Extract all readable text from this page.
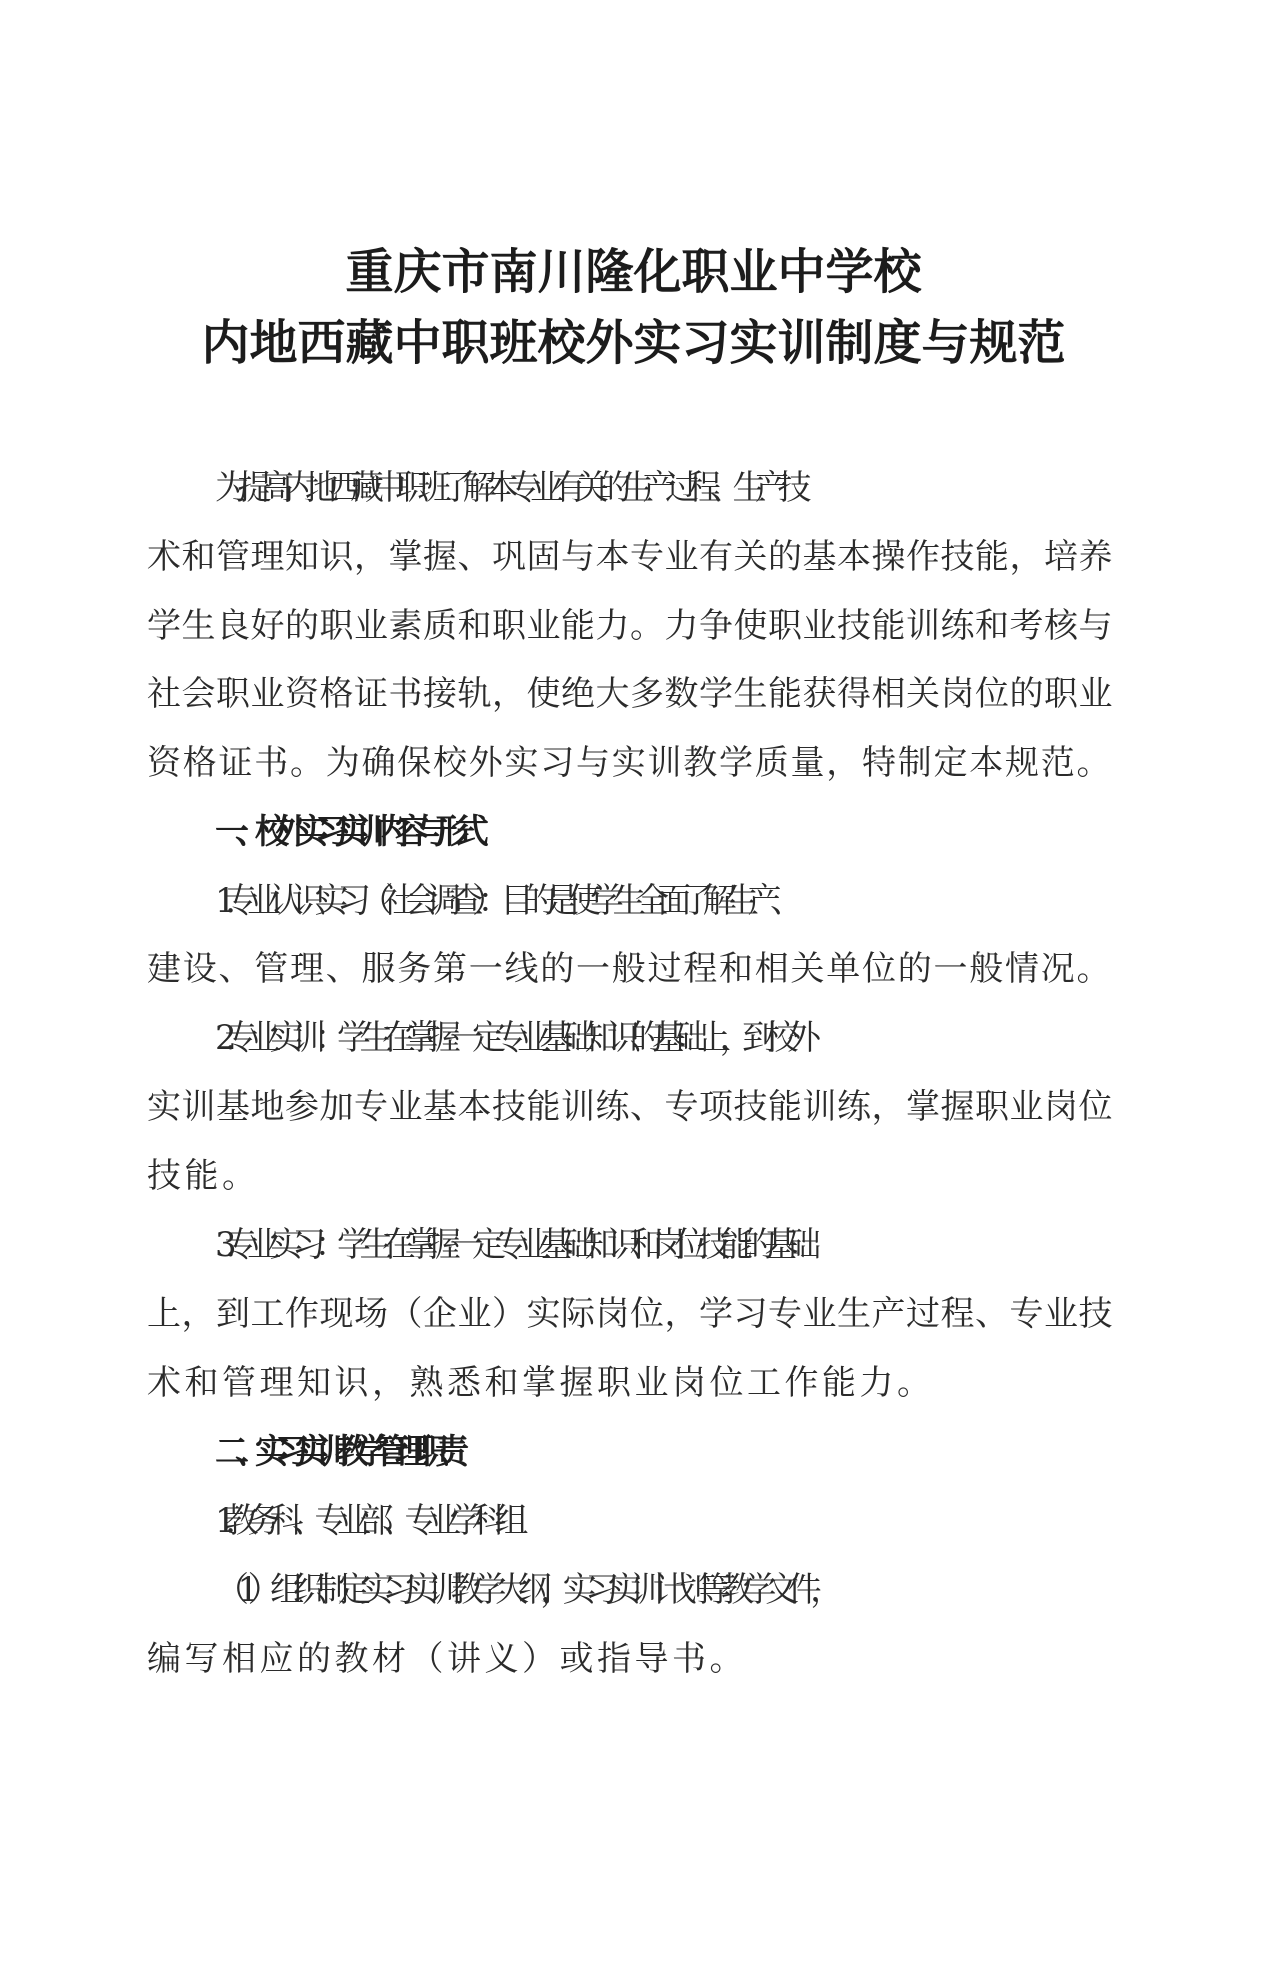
重庆市南川隆化职业中学校
内地西藏中职班校外实习实训制度与规范
为提高内地西藏中职班了解本专业有关的生产过程、生产技
术和管理知识，掌握、巩固与本专业有关的基本操作技能，培养
学生良好的职业素质和职业能力。力争使职业技能训练和考核与
社会职业资格证书接轨，使绝大多数学生能获得相关岗位的职业
资格证书。为确保校外实习与实训教学质量，特制定本规范。
一、校外实习实训内容与形式
1.专业认识实习（社会调查）：目的是使学生全面了解生产、
建设、管理、服务第一线的一般过程和相关单位的一般情况。
2.专业实训：学生在掌握一定专业基础知识的基础上，到校外
实训基地参加专业基本技能训练、专项技能训练，掌握职业岗位
技能。
3.专业实习：学生在掌握一定专业基础知识和岗位技能的基础
上，到工作现场（企业）实际岗位，学习专业生产过程、专业技
术和管理知识，熟悉和掌握职业岗位工作能力。
二、实习实训教学管理职责
1.教务科、专业部、专业学科组
（1）组织制定实习实训教学大纲，实习实训计划等教学文件，
编写相应的教材（讲义）或指导书。
